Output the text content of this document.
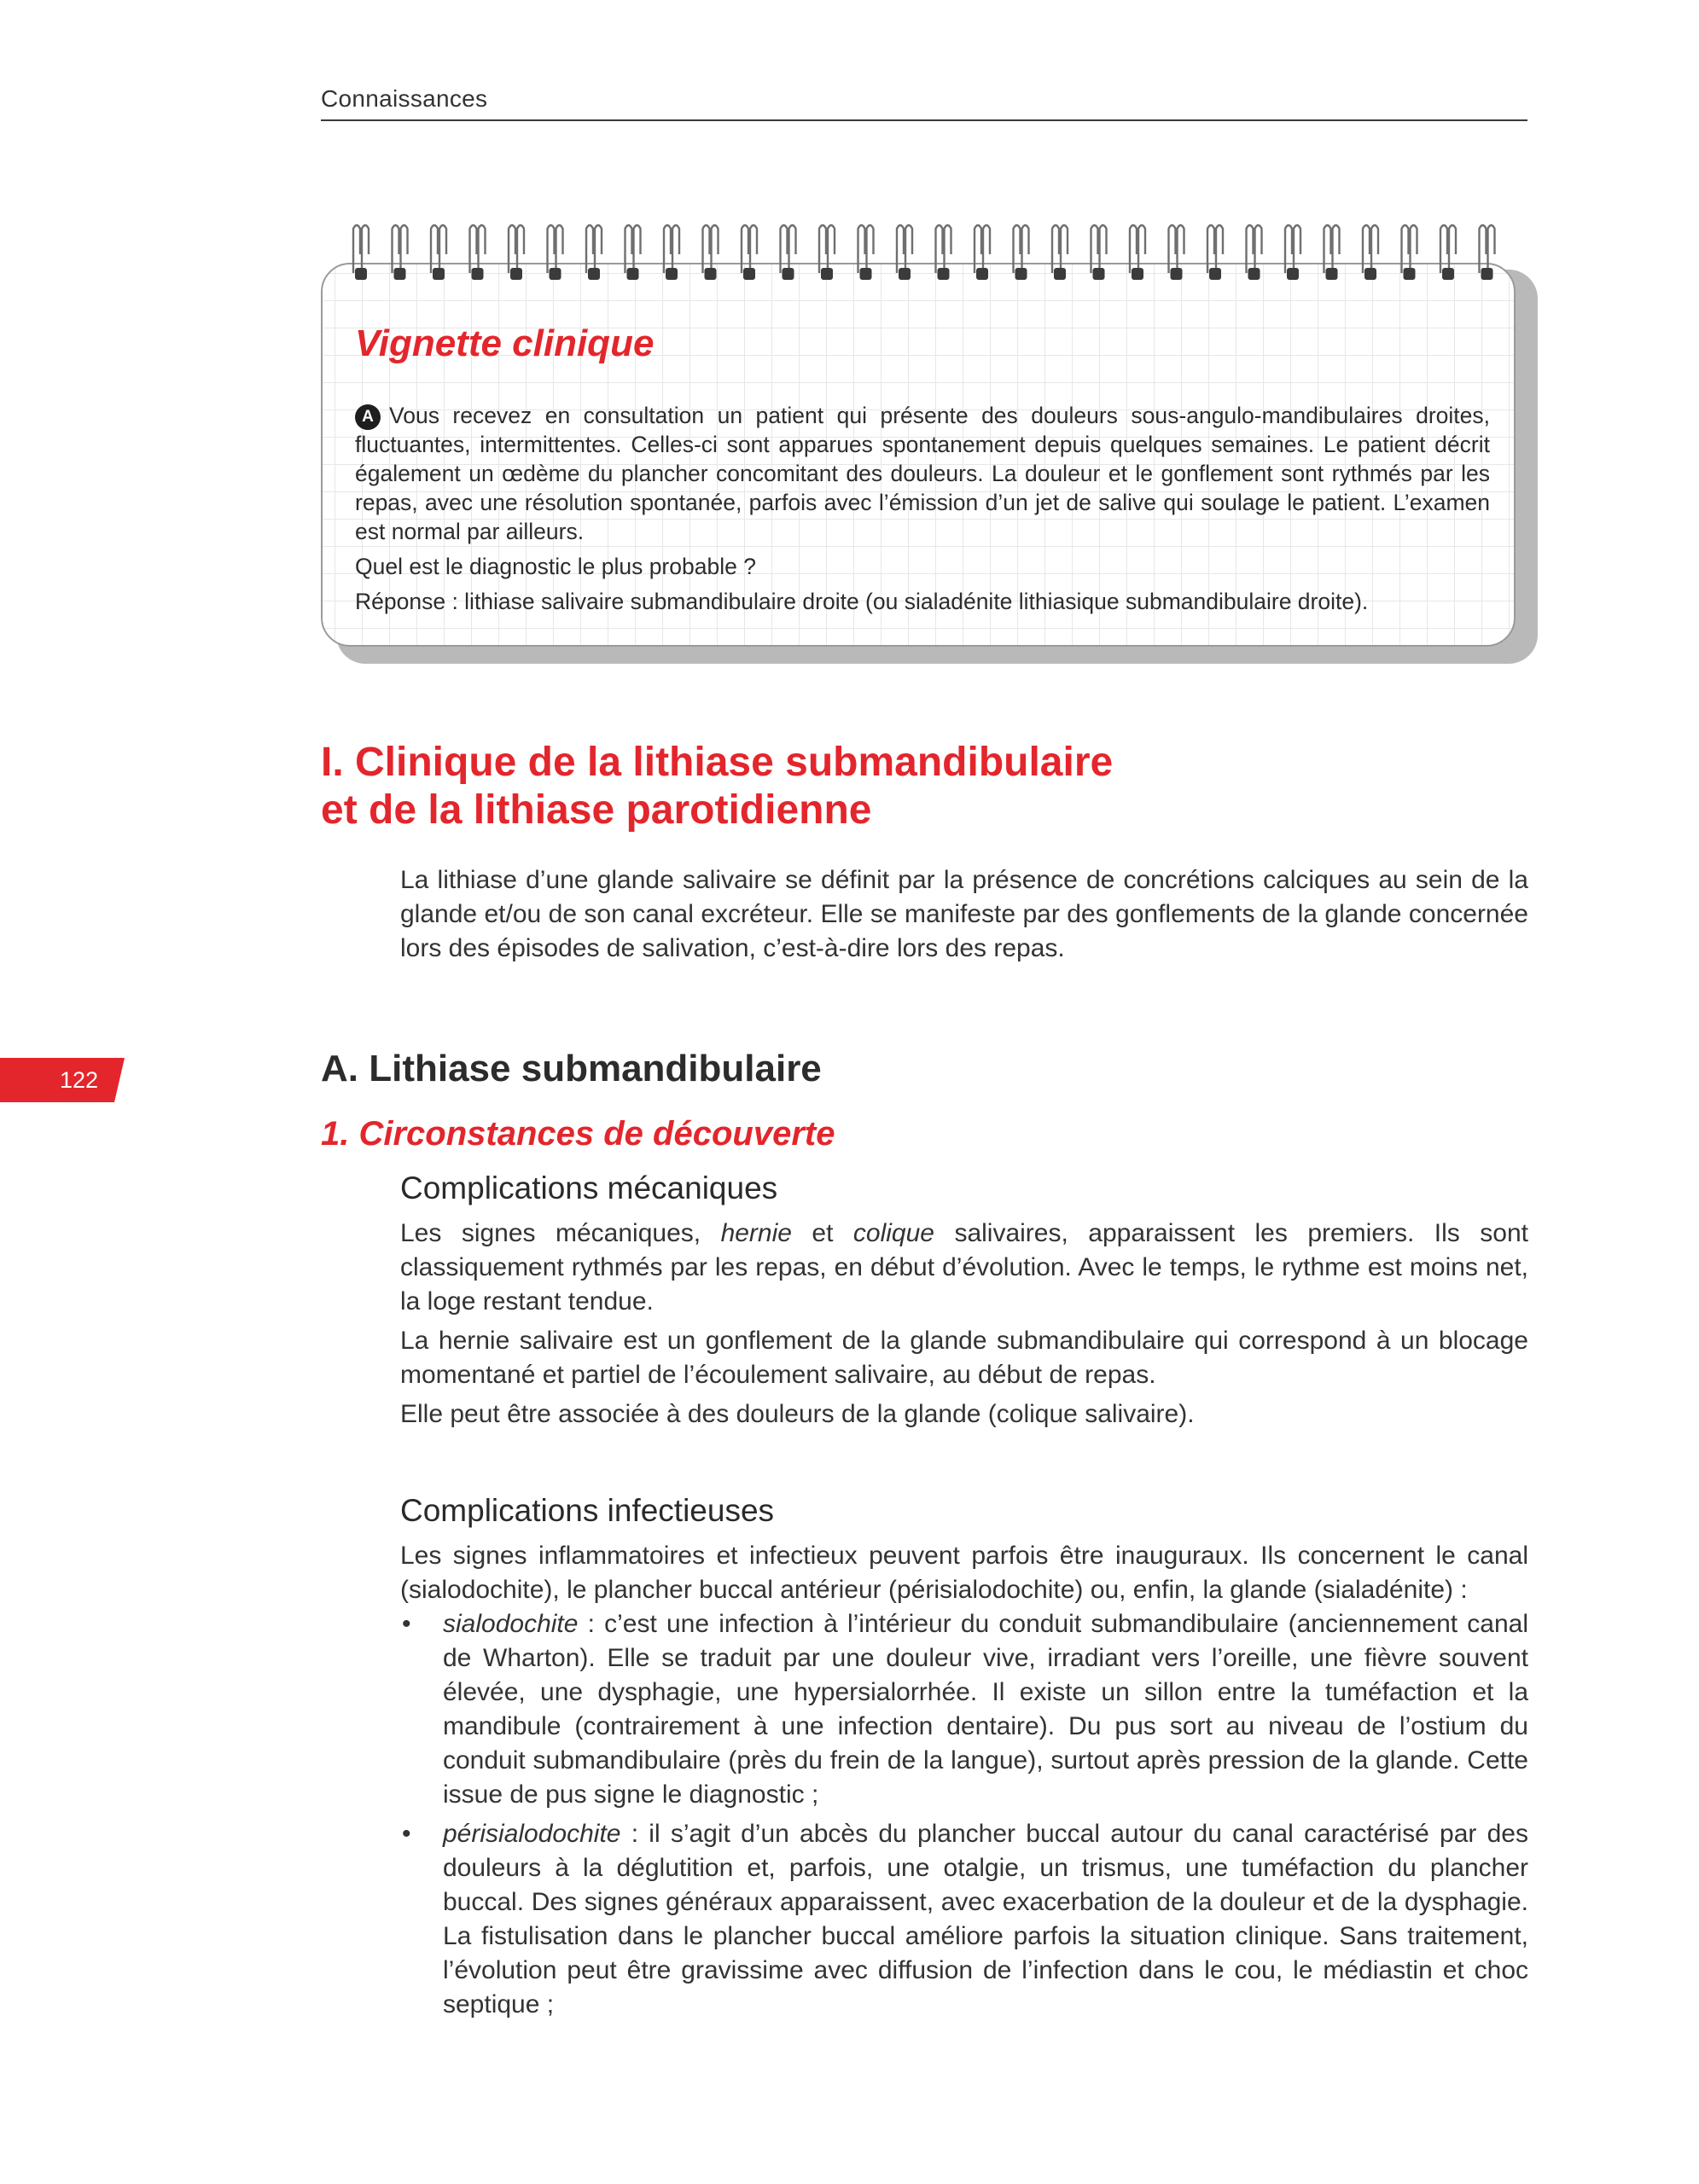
Connaissances
Vignette clinique

A Vous recevez en consultation un patient qui présente des douleurs sous-angulo-mandibulaires droites, fluctuantes, intermittentes. Celles-ci sont apparues spontanement depuis quelques semaines. Le patient décrit également un œdème du plancher concomitant des douleurs. La douleur et le gonflement sont rythmés par les repas, avec une résolution spontanée, parfois avec l’émission d’un jet de salive qui soulage le patient. L’examen est normal par ailleurs.

Quel est le diagnostic le plus probable ?

Réponse : lithiase salivaire submandibulaire droite (ou sialadénite lithiasique submandibulaire droite).

I. Clinique de la lithiase submandibulaire
et de la lithiase parotidienne

La lithiase d’une glande salivaire se définit par la présence de concrétions calciques au sein de la glande et/ou de son canal excréteur. Elle se manifeste par des gonflements de la glande concernée lors des épisodes de salivation, c’est-à-dire lors des repas.

122	A. Lithiase submandibulaire
1. Circonstances de découverte
Complications mécaniques

Les signes mécaniques, hernie et colique salivaires, apparaissent les premiers. Ils sont classiquement rythmés par les repas, en début d’évolution. Avec le temps, le rythme est moins net, la loge restant tendue.

La hernie salivaire est un gonflement de la glande submandibulaire qui correspond à un blocage momentané et partiel de l’écoulement salivaire, au début de repas.

Elle peut être associée à des douleurs de la glande (colique salivaire).

Complications infectieuses

Les signes inflammatoires et infectieux peuvent parfois être inauguraux. Ils concernent le canal (sialodochite), le plancher buccal antérieur (périsialodochite) ou, enfin, la glande (sialadénite) :

• sialodochite : c’est une infection à l’intérieur du conduit submandibulaire (anciennement canal de Wharton). Elle se traduit par une douleur vive, irradiant vers l’oreille, une fièvre souvent élevée, une dysphagie, une hypersialorrhée. Il existe un sillon entre la tuméfaction et la mandibule (contrairement à une infection dentaire). Du pus sort au niveau de l’ostium du conduit submandibulaire (près du frein de la langue), surtout après pression de la glande. Cette issue de pus signe le diagnostic ;
• périsialodochite : il s’agit d’un abcès du plancher buccal autour du canal caractérisé par des douleurs à la déglutition et, parfois, une otalgie, un trismus, une tuméfaction du plancher buccal. Des signes généraux apparaissent, avec exacerbation de la douleur et de la dysphagie. La fistulisation dans le plancher buccal améliore parfois la situation clinique. Sans traitement, l’évolution peut être gravissime avec diffusion de l’infection dans le cou, le médiastin et choc septique ;
